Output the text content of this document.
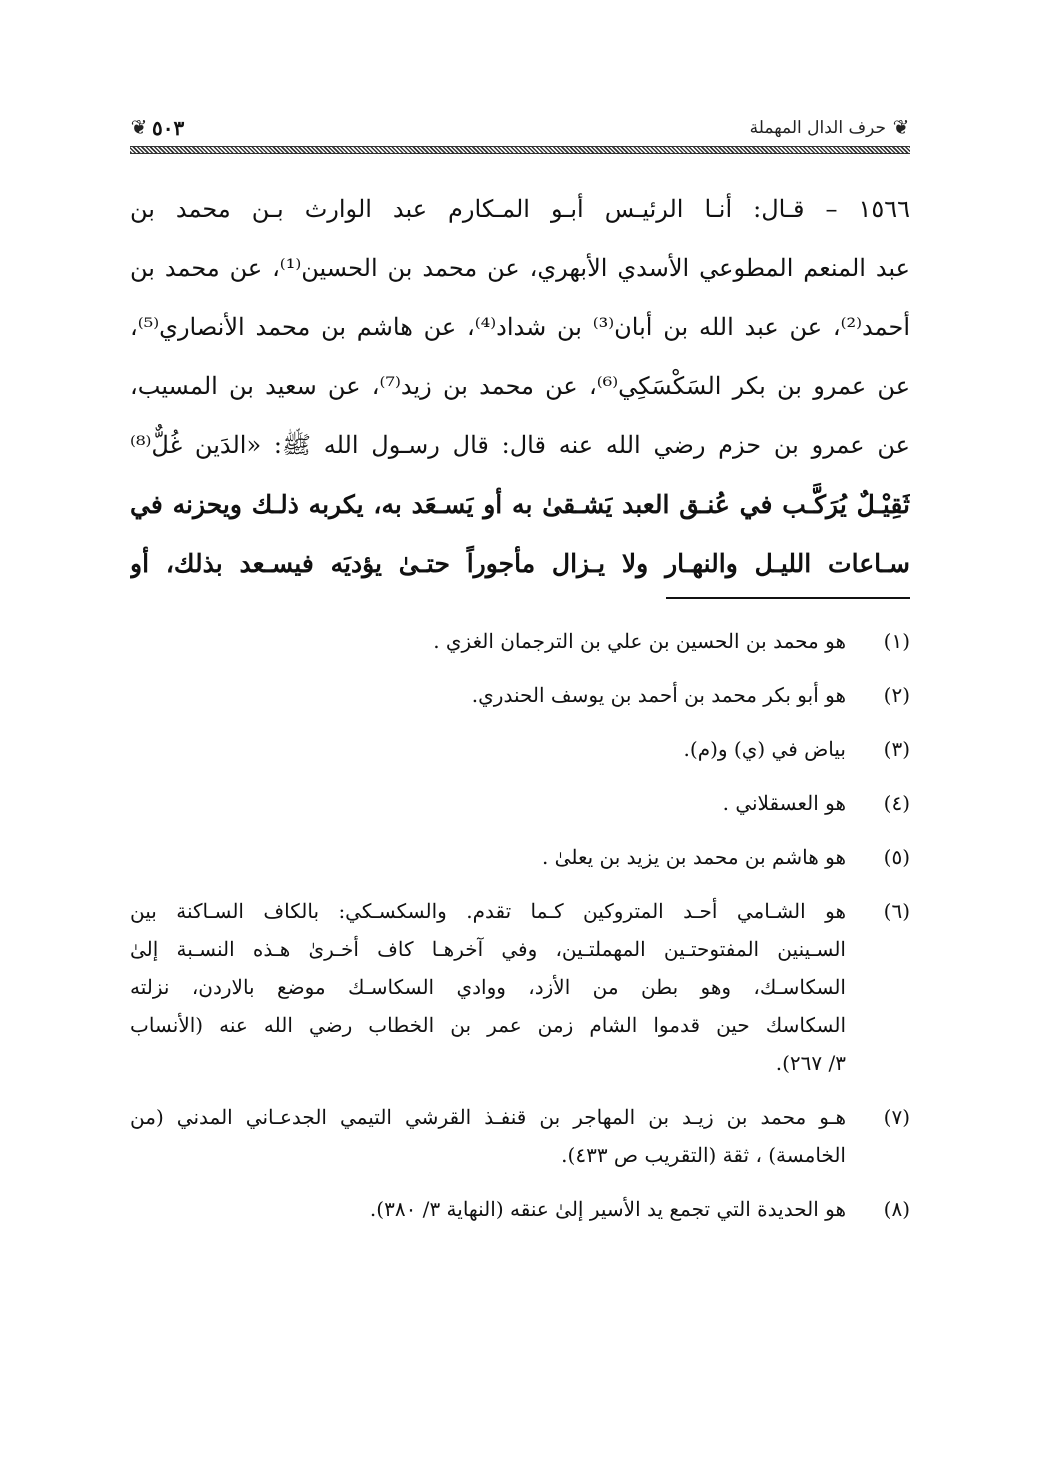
❦
حرف الدال المهملة
٥٠٣
❦
١٥٦٦ – قـال: أنـا الرئيـس أبـو المـكارم عبد الوارث بـن محمد بن
عبد المنعم المطوعي الأسدي الأبهري، عن محمد بن الحسين⁽¹⁾، عن محمد بن
أحمد⁽²⁾، عن عبد الله بن أبان⁽³⁾ بن شداد⁽⁴⁾، عن هاشم بن محمد الأنصاري⁽⁵⁾،
عن عمرو بن بكر السَكْسَكِي⁽⁶⁾، عن محمد بن زيد⁽⁷⁾، عن سعيد بن المسيب،
عن عمرو بن حزم رضي الله عنه قال: قال رسـول الله ﷺ: «الدَين غُلٌّ⁽⁸⁾
ثَقِيْـلٌ يُرَكَّـب في عُنـق العبد يَشـقىٰ به أو يَسـعَد به، يكربه ذلـك ويحزنه في
سـاعات الليـل والنهـار ولا يـزال مأجوراً حتـىٰ يؤديَه فيسـعد بذلك، أو
(١)
هو محمد بن الحسين بن علي بن الترجمان الغزي .
(٢)
هو أبو بكر محمد بن أحمد بن يوسف الحندري.
(٣)
بياض في (ي) و(م).
(٤)
هو العسقلاني .
(٥)
هو هاشم بن محمد بن يزيد بن يعلىٰ .
(٦)
هو الشـامي أحـد المتروكين كـما تقدم. والسكسـكي: بالكاف السـاكنة بين
السـينين المفتوحتـين المهملتـين، وفي آخرهـا كاف أخـرىٰ هـذه النسـبة إلىٰ
السكاسـك، وهو بطن من الأزد، ووادي السكاسـك موضع بالاردن، نزلته
السكاسك حين قدموا الشام زمن عمر بن الخطاب رضي الله عنه (الأنساب
٣/ ٢٦٧).
(٧)
هـو محمد بن زيـد بن المهاجر بن قنفـذ القرشي التيمي الجدعـاني المدني (من
الخامسة) ، ثقة (التقريب ص ٤٣٣).
(٨)
هو الحديدة التي تجمع يد الأسير إلىٰ عنقه (النهاية ٣/ ٣٨٠).
